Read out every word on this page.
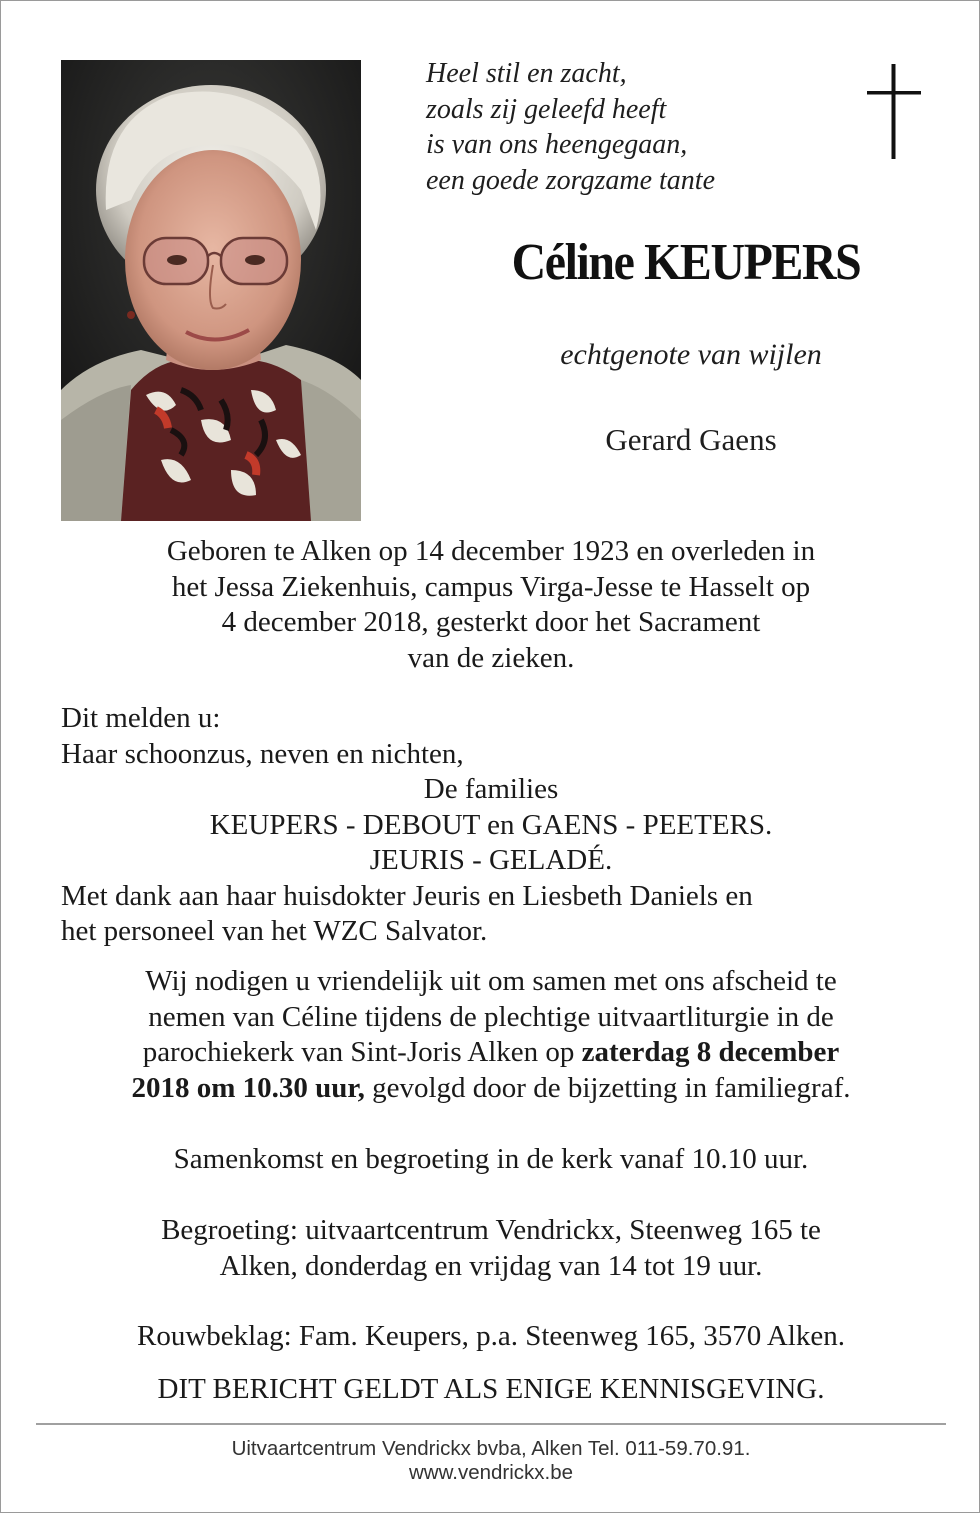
Heel stil en zacht,
zoals zij geleefd heeft
is van ons heengegaan,
een goede zorgzame tante
Céline KEUPERS
echtgenote van wijlen
Gerard Gaens
Geboren te Alken op 14 december 1923 en overleden in
het Jessa Ziekenhuis, campus Virga-Jesse te Hasselt op
4 december 2018, gesterkt door het Sacrament
van de zieken.
Dit melden u:
Haar schoonzus, neven en nichten,
De families
KEUPERS - DEBOUT en GAENS - PEETERS.
JEURIS - GELADÉ.
Met dank aan haar huisdokter Jeuris en Liesbeth Daniels en
het personeel van het WZC Salvator.
Wij nodigen u vriendelijk uit om samen met ons afscheid te
nemen van Céline tijdens de plechtige uitvaartliturgie in de
parochiekerk van Sint-Joris Alken op zaterdag 8 december
2018 om 10.30 uur, gevolgd door de bijzetting in familiegraf.
Samenkomst en begroeting in de kerk vanaf 10.10 uur.
Begroeting: uitvaartcentrum Vendrickx, Steenweg 165 te
Alken, donderdag en vrijdag van 14 tot 19 uur.
Rouwbeklag: Fam. Keupers, p.a. Steenweg 165, 3570 Alken.
DIT BERICHT GELDT ALS ENIGE KENNISGEVING.
Uitvaartcentrum Vendrickx bvba, Alken Tel. 011-59.70.91.
www.vendrickx.be
